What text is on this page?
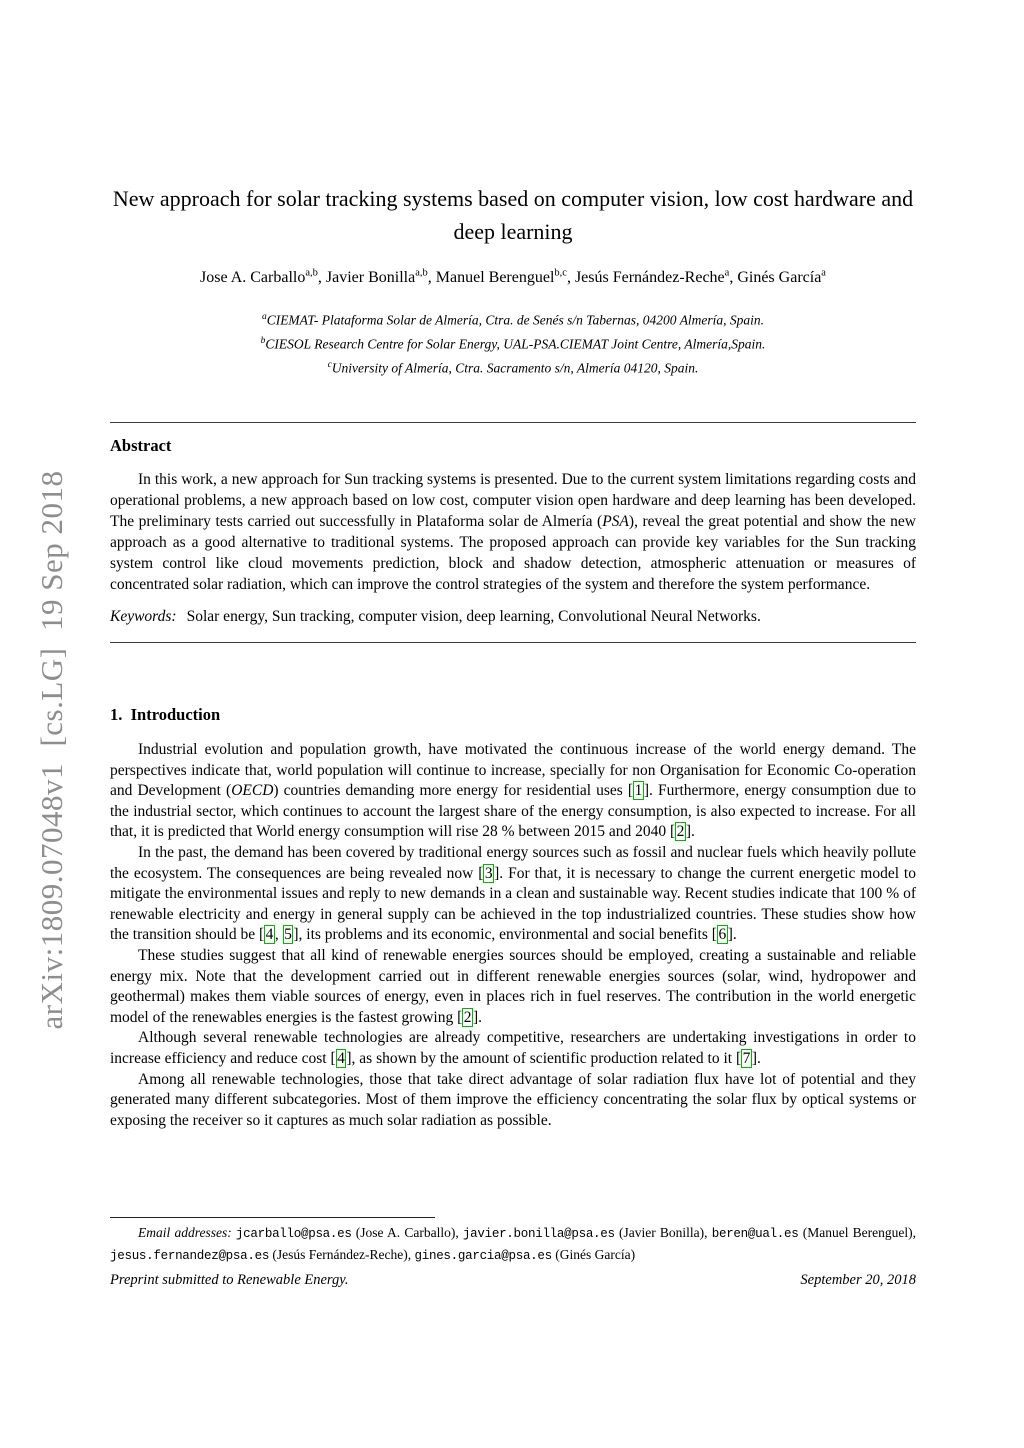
arXiv:1809.07048v1  [cs.LG]  19 Sep 2018
New approach for solar tracking systems based on computer vision, low cost hardware and deep learning
Jose A. Carballo$^{a,b}$, Javier Bonilla$^{a,b}$, Manuel Berenguel$^{b,c}$, Jesús Fernández-Reche$^a$, Ginés García$^a$
$^a$CIEMAT- Plataforma Solar de Almería, Ctra. de Senés s/n Tabernas, 04200 Almería, Spain.
$^b$CIESOL Research Centre for Solar Energy, UAL-PSA.CIEMAT Joint Centre, Almería,Spain.
$^c$University of Almería, Ctra. Sacramento s/n, Almería 04120, Spain.
Abstract

In this work, a new approach for Sun tracking systems is presented. Due to the current system limitations regarding costs and operational problems, a new approach based on low cost, computer vision open hardware and deep learning has been developed. The preliminary tests carried out successfully in Plataforma solar de Almería (PSA), reveal the great potential and show the new approach as a good alternative to traditional systems. The proposed approach can provide key variables for the Sun tracking system control like cloud movements prediction, block and shadow detection, atmospheric attenuation or measures of concentrated solar radiation, which can improve the control strategies of the system and therefore the system performance.

Keywords: Solar energy, Sun tracking, computer vision, deep learning, Convolutional Neural Networks.
1.  Introduction

Industrial evolution and population growth, have motivated the continuous increase of the world energy demand. The perspectives indicate that, world population will continue to increase, specially for non Organisation for Economic Co-operation and Development (OECD) countries demanding more energy for residential uses [1]. Furthermore, energy consumption due to the industrial sector, which continues to account the largest share of the energy consumption, is also expected to increase. For all that, it is predicted that World energy consumption will rise 28 % between 2015 and 2040 [2].

In the past, the demand has been covered by traditional energy sources such as fossil and nuclear fuels which heavily pollute the ecosystem. The consequences are being revealed now [3]. For that, it is necessary to change the current energetic model to mitigate the environmental issues and reply to new demands in a clean and sustainable way. Recent studies indicate that 100 % of renewable electricity and energy in general supply can be achieved in the top industrialized countries. These studies show how the transition should be [4, 5], its problems and its economic, environmental and social benefits [6].

These studies suggest that all kind of renewable energies sources should be employed, creating a sustainable and reliable energy mix. Note that the development carried out in different renewable energies sources (solar, wind, hydropower and geothermal) makes them viable sources of energy, even in places rich in fuel reserves. The contribution in the world energetic model of the renewables energies is the fastest growing [2].

Although several renewable technologies are already competitive, researchers are undertaking investigations in order to increase efficiency and reduce cost [4], as shown by the amount of scientific production related to it [7].

Among all renewable technologies, those that take direct advantage of solar radiation flux have lot of potential and they generated many different subcategories. Most of them improve the efficiency concentrating the solar flux by optical systems or exposing the receiver so it captures as much solar radiation as possible.

Email addresses: jcarballo@psa.es (Jose A. Carballo), javier.bonilla@psa.es (Javier Bonilla), beren@ual.es (Manuel Berenguel), jesus.fernandez@psa.es (Jesús Fernández-Reche), gines.garcia@psa.es (Ginés García)

Preprint submitted to Renewable Energy.	September 20, 2018
